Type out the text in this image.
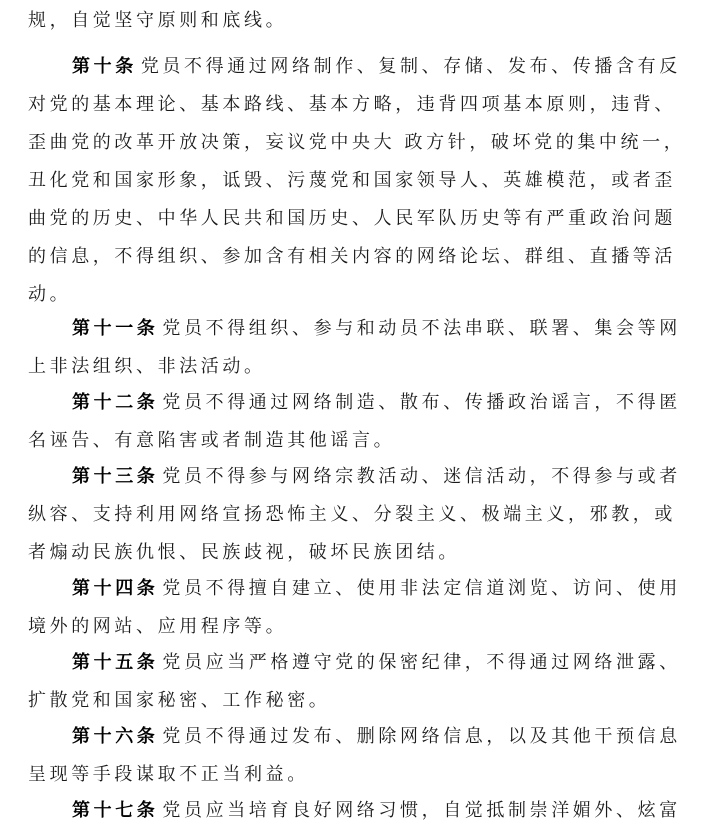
规，自觉坚守原则和底线。
第十条 党员不得通过网络制作、复制、存储、发布、传播含有反
对党的基本理论、基本路线、基本方略，违背四项基本原则，违背、
歪曲党的改革开放决策，妄议党中央大 政方针，破坏党的集中统一，
丑化党和国家形象，诋毁、污蔑党和国家领导人、英雄模范，或者歪
曲党的历史、中华人民共和国历史、人民军队历史等有严重政治问题
的信息，不得组织、参加含有相关内容的网络论坛、群组、直播等活
动。
第十一条 党员不得组织、参与和动员不法串联、联署、集会等网
上非法组织、非法活动。
第十二条 党员不得通过网络制造、散布、传播政治谣言，不得匿
名诬告、有意陷害或者制造其他谣言。
第十三条 党员不得参与网络宗教活动、迷信活动，不得参与或者
纵容、支持利用网络宣扬恐怖主义、分裂主义、极端主义，邪教，或
者煽动民族仇恨、民族歧视，破坏民族团结。
第十四条 党员不得擅自建立、使用非法定信道浏览、访问、使用
境外的网站、应用程序等。
第十五条 党员应当严格遵守党的保密纪律，不得通过网络泄露、
扩散党和国家秘密、工作秘密。
第十六条 党员不得通过发布、删除网络信息，以及其他干预信息
呈现等手段谋取不正当利益。
第十七条 党员应当培育良好网络习惯，自觉抵制崇洋媚外、炫富
